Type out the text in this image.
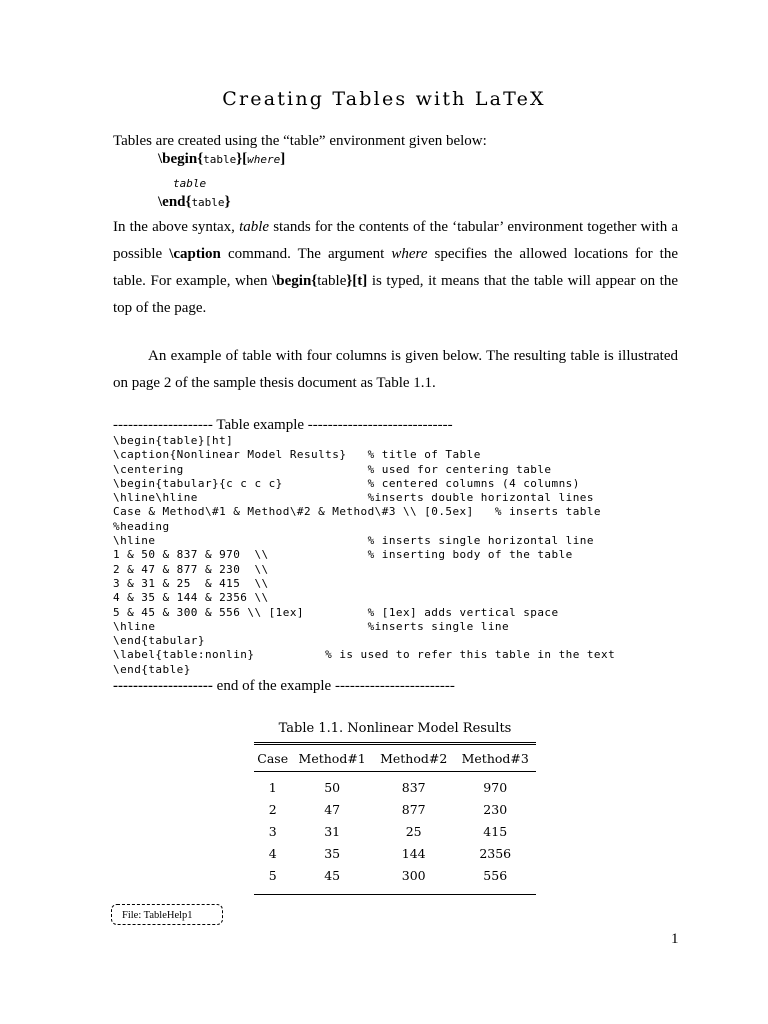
Creating Tables with LaTeX
Tables are created using the “table” environment given below:
\begin{table}[where]
table
\end{table}
In the above syntax, table stands for the contents of the ‘tabular’ environment together with a possible \caption command. The argument where specifies the allowed locations for the table. For example, when \begin{table}[t] is typed, it means that the table will appear on the top of the page.
An example of table with four columns is given below. The resulting table is illustrated on page 2 of the sample thesis document as Table 1.1.
-------------------- Table example -----------------------------
\begin{table}[ht]
\caption{Nonlinear Model Results}   % title of Table
\centering                          % used for centering table
\begin{tabular}{c c c c}            % centered columns (4 columns)
\hline\hline                        %inserts double horizontal lines
Case & Method\#1 & Method\#2 & Method\#3 \\ [0.5ex]   % inserts table
%heading
\hline                              % inserts single horizontal line
1 & 50 & 837 & 970  \\              % inserting body of the table
2 & 47 & 877 & 230  \\
3 & 31 & 25  & 415  \\
4 & 35 & 144 & 2356 \\
5 & 45 & 300 & 556 \\ [1ex]         % [1ex] adds vertical space
\hline                              %inserts single line
\end{tabular}
\label{table:nonlin}          % is used to refer this table in the text
\end{table}

-------------------- end of the example ------------------------
Table 1.1. Nonlinear Model Results
Case	Method#1	Method#2	Method#3
1	50	837	970
2	47	877	230
3	31	25	415
4	35	144	2356
5	45	300	556
File: TableHelp1
1
